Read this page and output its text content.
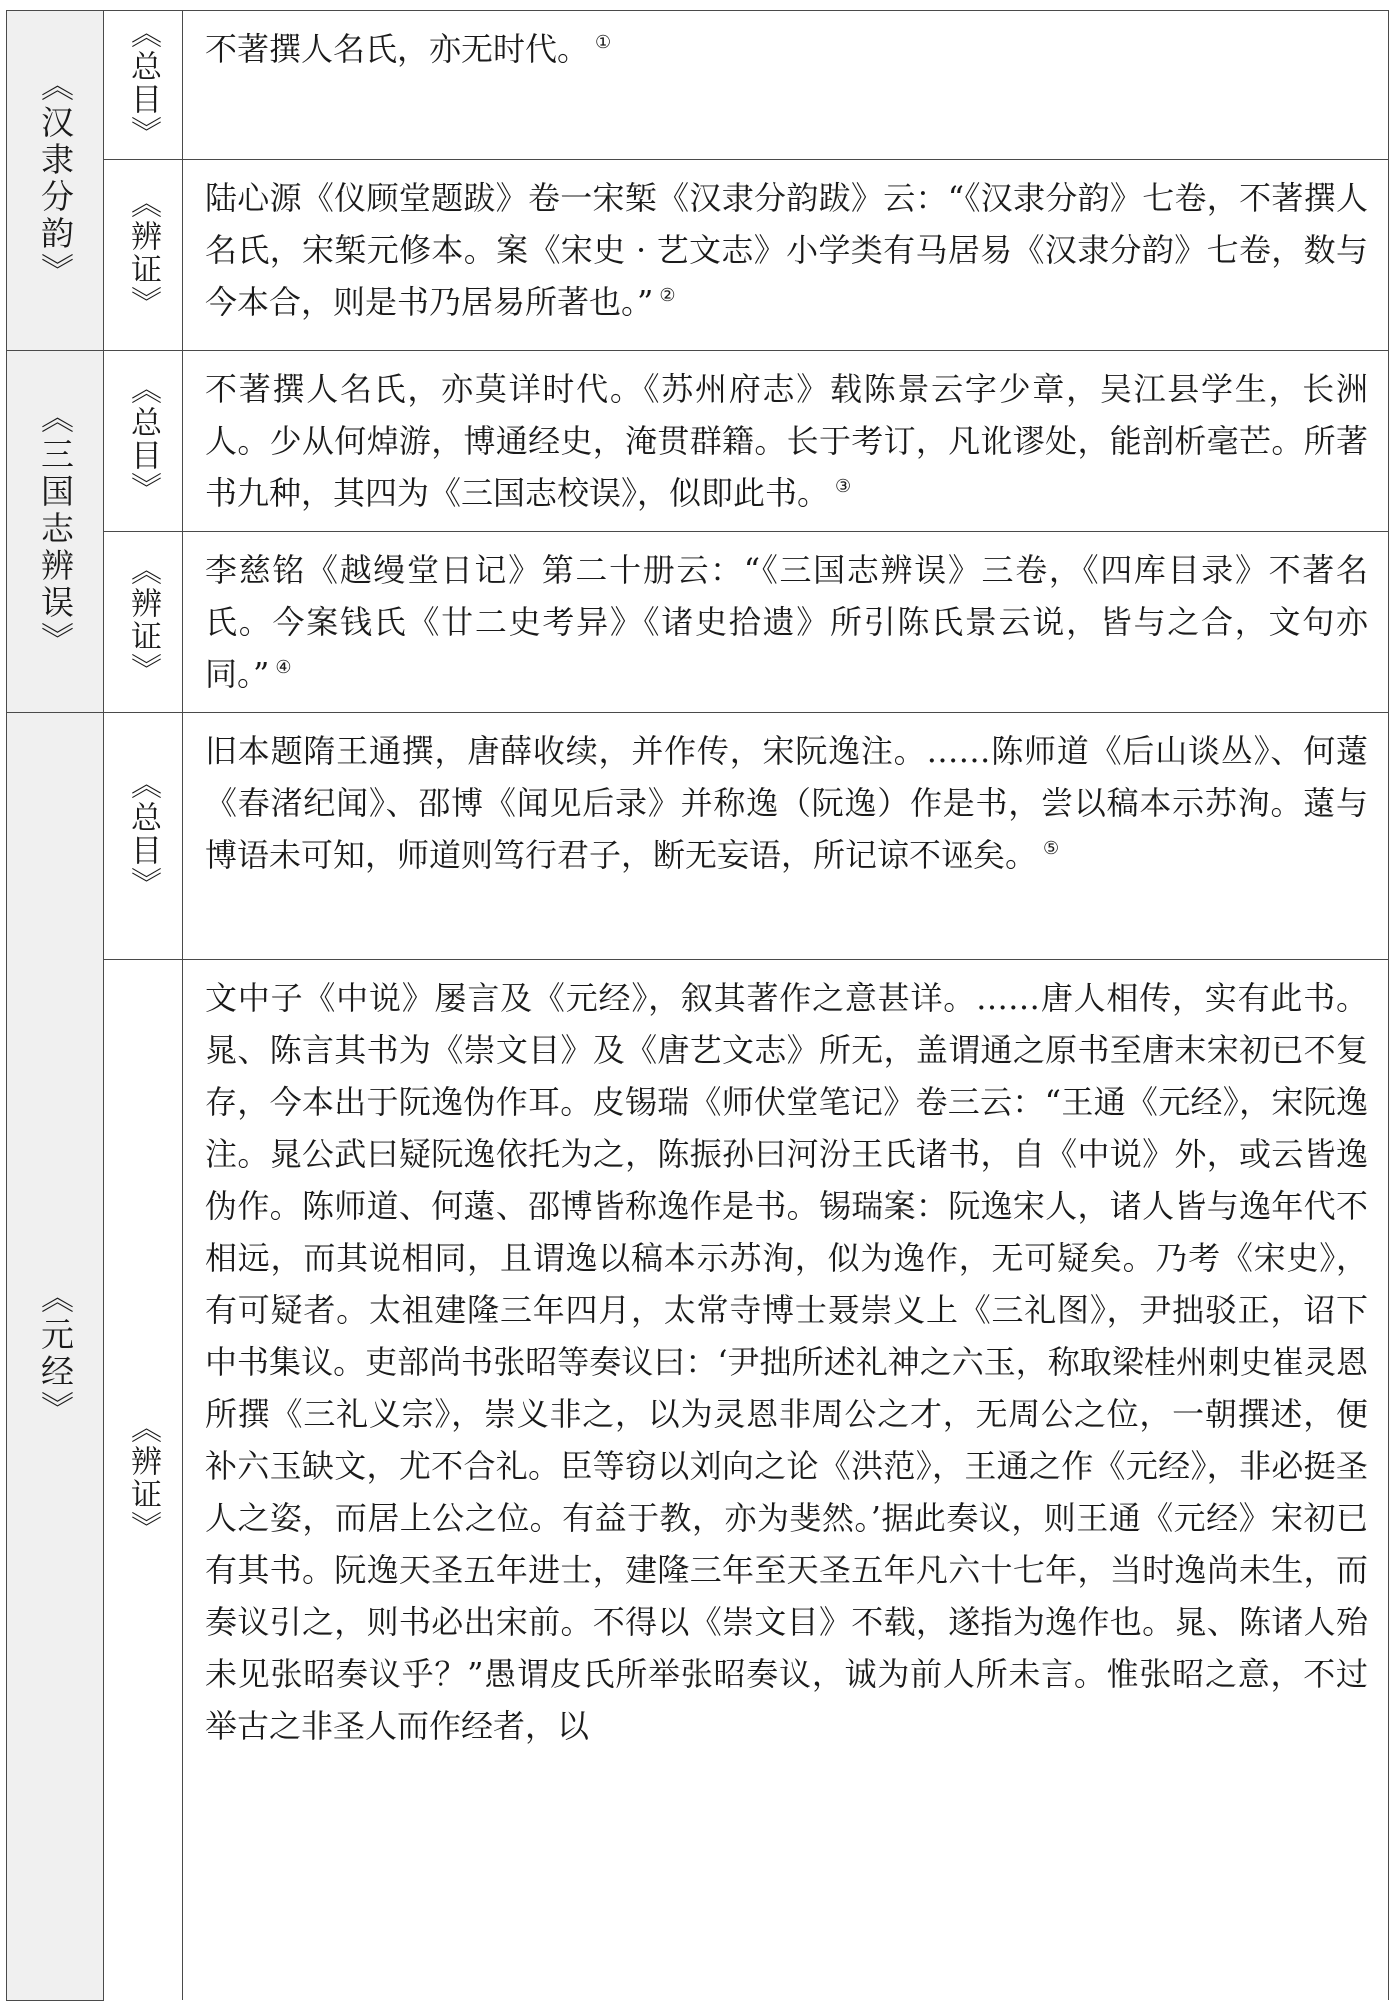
《汉隶分韵》	《总目》	不著撰人名氏，亦无时代。 ①

	《辨证》	陆心源《仪顾堂题跋》卷一宋椠《汉隶分韵跋》云：“《汉隶分韵》七卷，不著撰人名氏，宋椠元修本。案《宋史 · 艺文志》小学类有马居易《汉隶分韵》七卷，数与今本合，则是书乃居易所著也。” ②

《三国志辨误》	《总目》	不著撰人名氏，亦莫详时代。《苏州府志》载陈景云字少章，吴江县学生，长洲人。少从何焯游，博通经史，淹贯群籍。长于考订，凡讹谬处，能剖析毫芒。所著书九种，其四为《三国志校误》，似即此书。 ③

	《辨证》	李慈铭《越缦堂日记》第二十册云：“《三国志辨误》三卷，《四库目录》不著名氏。今案钱氏《廿二史考异》《诸史拾遗》所引陈氏景云说，皆与之合，文句亦同。” ④

《元经》	《总目》	旧本题隋王通撰，唐薛收续，并作传，宋阮逸注。……陈师道《后山谈丛》、何薳《春渚纪闻》、邵博《闻见后录》并称逸（阮逸）作是书，尝以稿本示苏洵。薳与博语未可知，师道则笃行君子，断无妄语，所记谅不诬矣。 ⑤

	《辨证》	文中子《中说》屡言及《元经》，叙其著作之意甚详。……唐人相传，实有此书。晁、陈言其书为《崇文目》及《唐艺文志》所无，盖谓通之原书至唐末宋初已不复存，今本出于阮逸伪作耳。皮锡瑞《师伏堂笔记》卷三云：“王通《元经》，宋阮逸注。晁公武曰疑阮逸依托为之，陈振孙曰河汾王氏诸书，自《中说》外，或云皆逸伪作。陈师道、何薳、邵博皆称逸作是书。锡瑞案：阮逸宋人，诸人皆与逸年代不相远，而其说相同，且谓逸以稿本示苏洵，似为逸作，无可疑矣。乃考《宋史》，有可疑者。太祖建隆三年四月，太常寺博士聂崇义上《三礼图》，尹拙驳正，诏下中书集议。吏部尚书张昭等奏议曰：‘尹拙所述礼神之六玉，称取梁桂州刺史崔灵恩所撰《三礼义宗》，崇义非之，以为灵恩非周公之才，无周公之位，一朝撰述，便补六玉缺文，尤不合礼。臣等窃以刘向之论《洪范》，王通之作《元经》，非必挺圣人之姿，而居上公之位。有益于教，亦为斐然。’据此奏议，则王通《元经》宋初已有其书。阮逸天圣五年进士，建隆三年至天圣五年凡六十七年，当时逸尚未生，而奏议引之，则书必出宋前。不得以《崇文目》不载，遂指为逸作也。晁、陈诸人殆未见张昭奏议乎？”愚谓皮氏所举张昭奏议，诚为前人所未言。惟张昭之意，不过举古之非圣人而作经者，以
